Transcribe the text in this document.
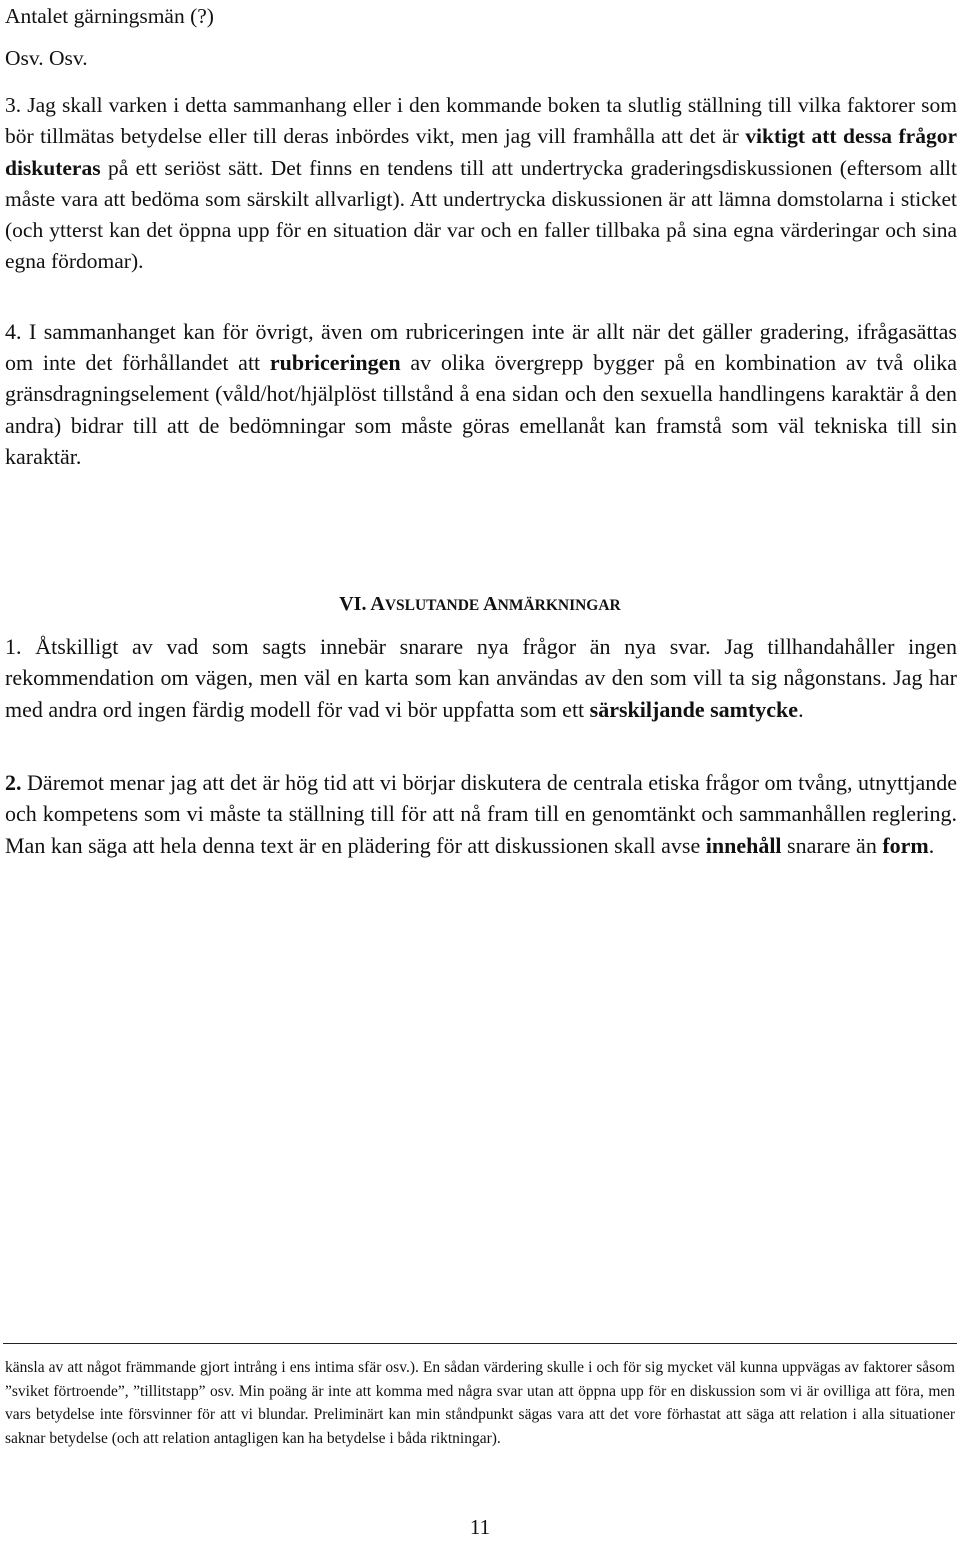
Antalet gärningsmän (?)
Osv. Osv.
3. Jag skall varken i detta sammanhang eller i den kommande boken ta slutlig ställning till vilka faktorer som bör tillmätas betydelse eller till deras inbördes vikt, men jag vill framhålla att det är viktigt att dessa frågor diskuteras på ett seriöst sätt. Det finns en tendens till att undertrycka graderingsdiskussionen (eftersom allt måste vara att bedöma som särskilt allvarligt). Att undertrycka diskussionen är att lämna domstolarna i sticket (och ytterst kan det öppna upp för en situation där var och en faller tillbaka på sina egna värderingar och sina egna fördomar).
4. I sammanhanget kan för övrigt, även om rubriceringen inte är allt när det gäller gradering, ifrågasättas om inte det förhållandet att rubriceringen av olika övergrepp bygger på en kombination av två olika gränsdragningselement (våld/hot/hjälplöst tillstånd å ena sidan och den sexuella handlingens karaktär å den andra) bidrar till att de bedömningar som måste göras emellanåt kan framstå som väl tekniska till sin karaktär.
VI. AVSLUTANDE ANMÄRKNINGAR
1. Åtskilligt av vad som sagts innebär snarare nya frågor än nya svar. Jag tillhandahåller ingen rekommendation om vägen, men väl en karta som kan användas av den som vill ta sig någonstans. Jag har med andra ord ingen färdig modell för vad vi bör uppfatta som ett särskiljande samtycke.
2. Däremot menar jag att det är hög tid att vi börjar diskutera de centrala etiska frågor om tvång, utnyttjande och kompetens som vi måste ta ställning till för att nå fram till en genomtänkt och sammanhållen reglering. Man kan säga att hela denna text är en plädering för att diskussionen skall avse innehåll snarare än form.
känsla av att något främmande gjort intrång i ens intima sfär osv.). En sådan värdering skulle i och för sig mycket väl kunna uppvägas av faktorer såsom ”sviket förtroende”, ”tillitstapp” osv. Min poäng är inte att komma med några svar utan att öppna upp för en diskussion som vi är ovilliga att föra, men vars betydelse inte försvinner för att vi blundar. Preliminärt kan min ståndpunkt sägas vara att det vore förhastat att säga att relation i alla situationer saknar betydelse (och att relation antagligen kan ha betydelse i båda riktningar).
11
